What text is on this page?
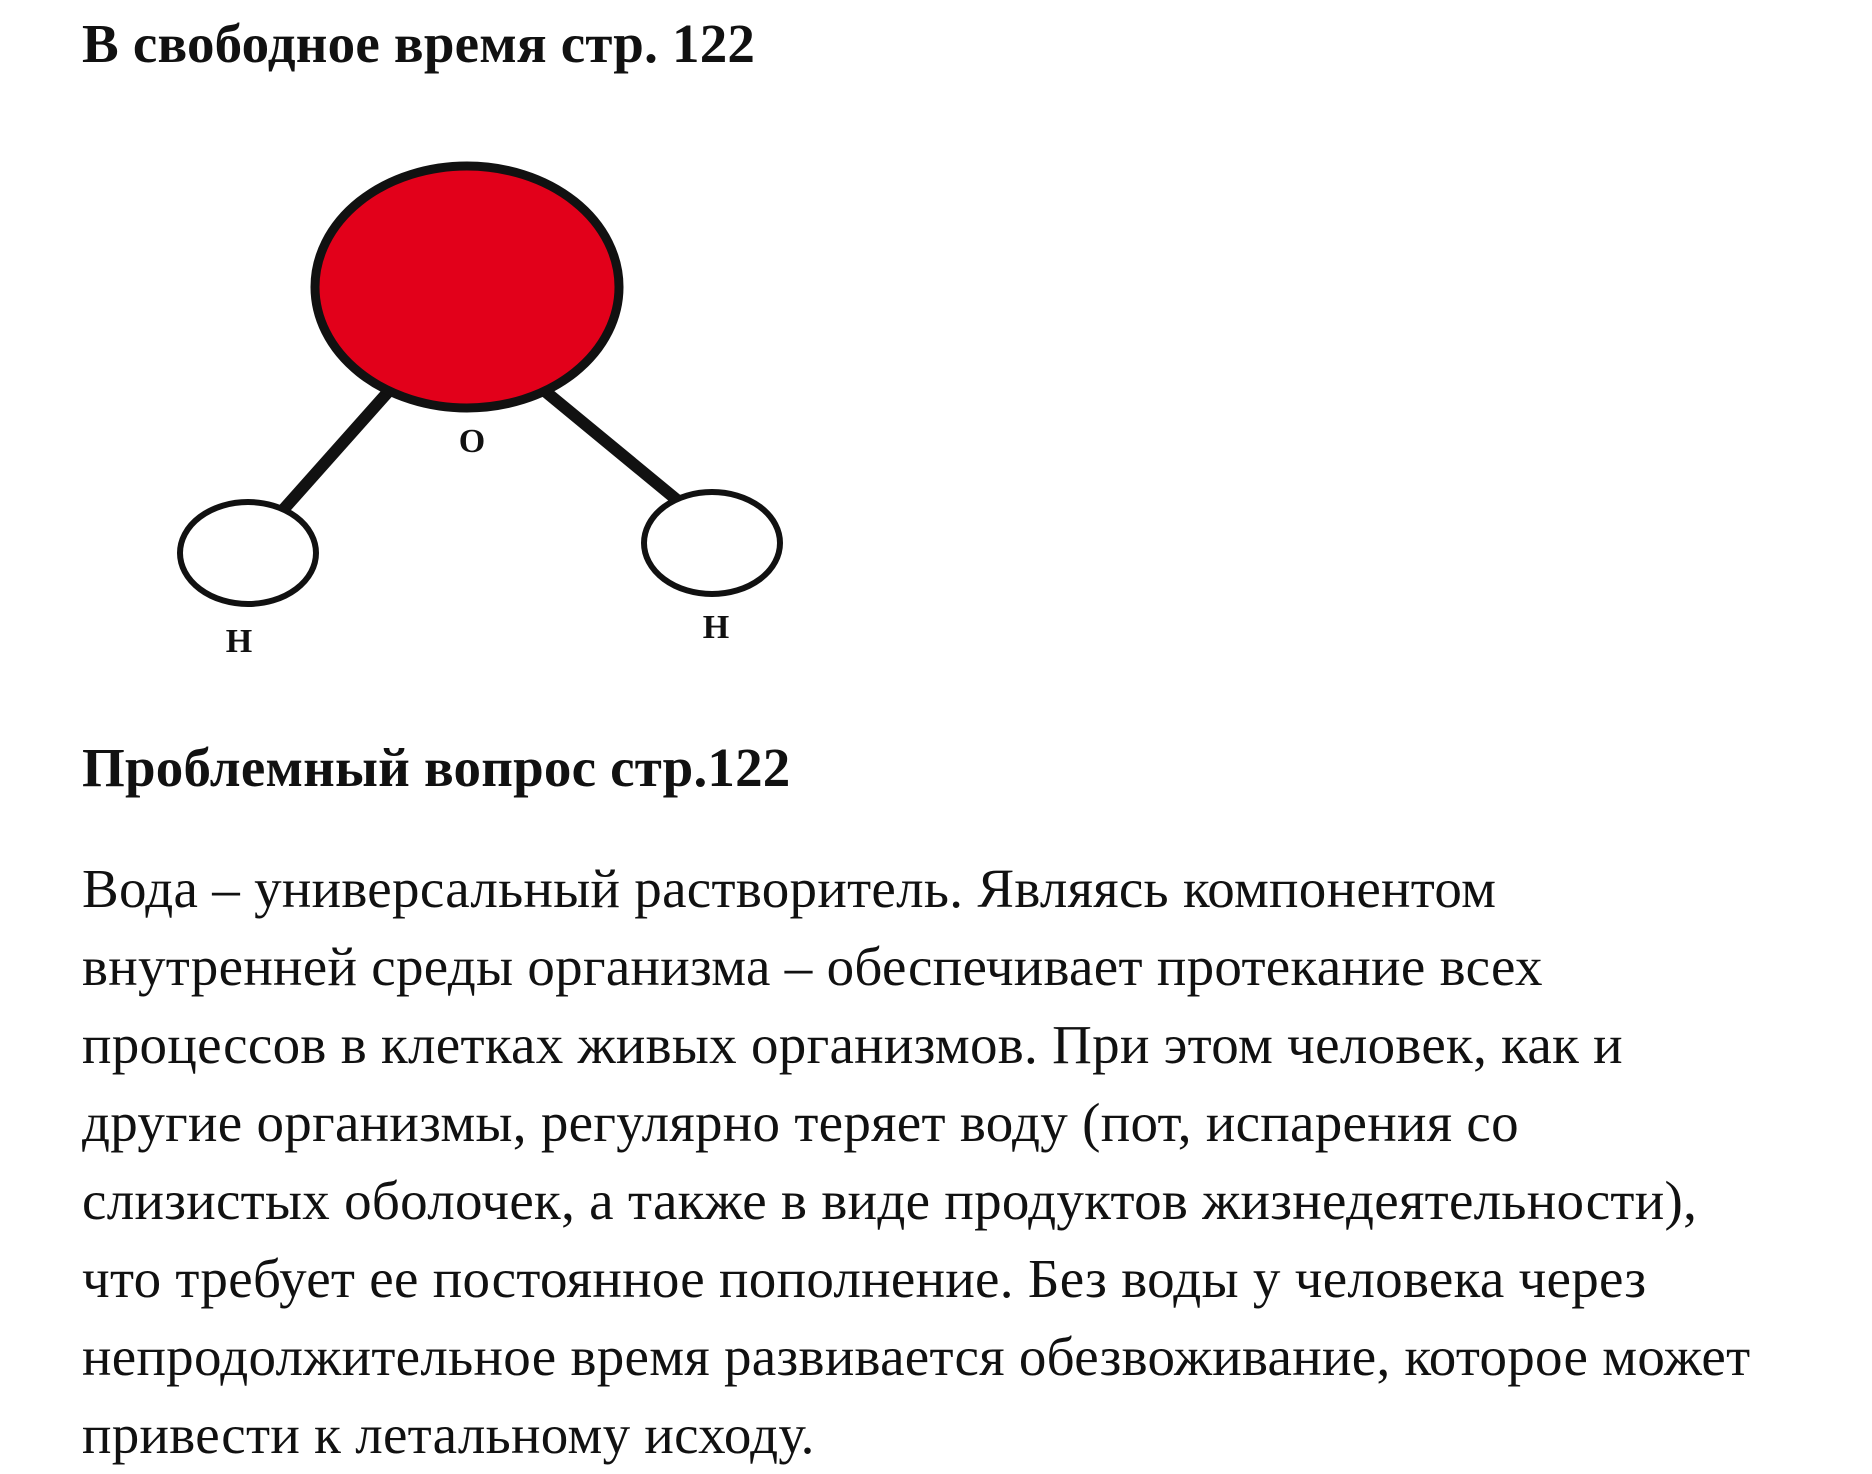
В свободное время стр. 122
O
H	H
Проблемный вопрос стр.122
Вода – универсальный растворитель. Являясь компонентом
внутренней среды организма – обеспечивает протекание всех
процессов в клетках живых организмов. При этом человек, как и
другие организмы, регулярно теряет воду (пот, испарения со
слизистых оболочек, а также в виде продуктов жизнедеятельности),
что требует ее постоянное пополнение. Без воды у человека через
непродолжительное время развивается обезвоживание, которое может
привести к летальному исходу.
